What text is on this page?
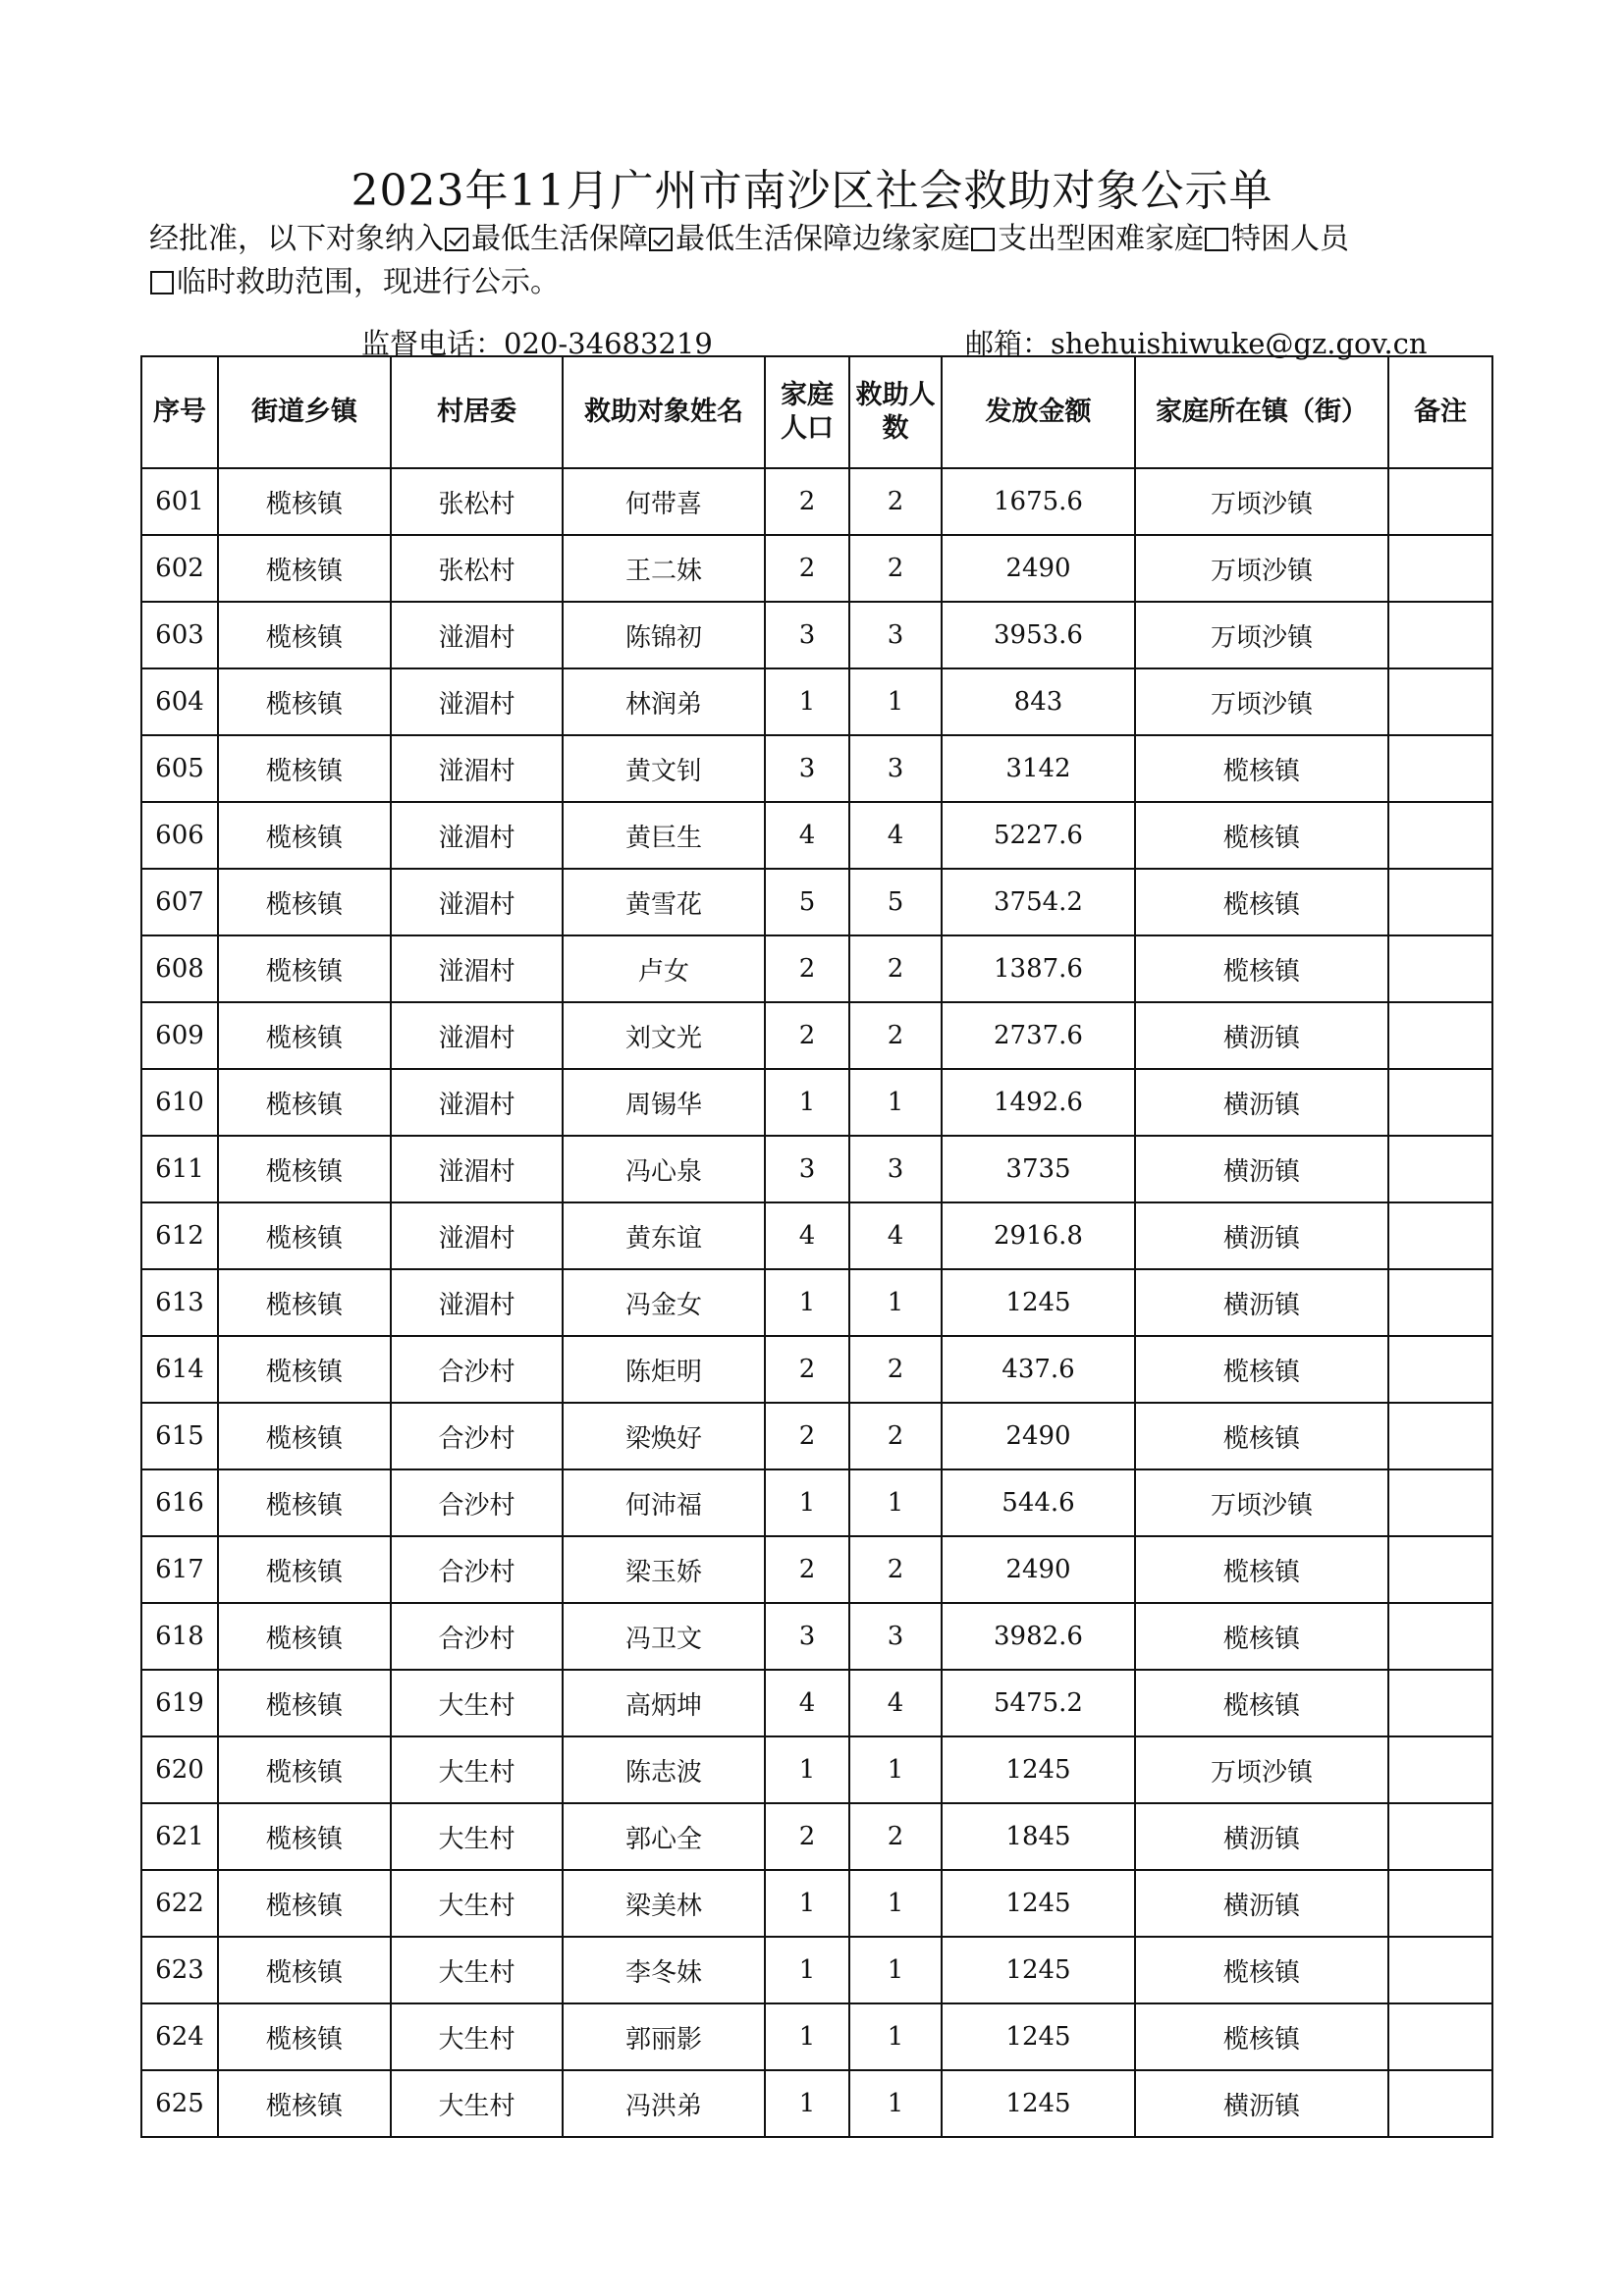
2023年11月广州市南沙区社会救助对象公示单
经批准，以下对象纳入 最低生活保障 最低生活保障边缘家庭 支出型困难家庭 特困人员
临时救助范围，现进行公示。
监督电话：020-34683219	邮箱：shehuishiwuke@gz.gov.cn
序号	街道乡镇	村居委	救助对象姓名	家庭人口	救助人数	发放金额	家庭所在镇（街）	备注
601	榄核镇	张松村	何带喜	2	2	1675.6	万顷沙镇	
602	榄核镇	张松村	王二妹	2	2	2490	万顷沙镇	
603	榄核镇	湴湄村	陈锦初	3	3	3953.6	万顷沙镇	
604	榄核镇	湴湄村	林润弟	1	1	843	万顷沙镇	
605	榄核镇	湴湄村	黄文钊	3	3	3142	榄核镇	
606	榄核镇	湴湄村	黄巨生	4	4	5227.6	榄核镇	
607	榄核镇	湴湄村	黄雪花	5	5	3754.2	榄核镇	
608	榄核镇	湴湄村	卢女	2	2	1387.6	榄核镇	
609	榄核镇	湴湄村	刘文光	2	2	2737.6	横沥镇	
610	榄核镇	湴湄村	周锡华	1	1	1492.6	横沥镇	
611	榄核镇	湴湄村	冯心泉	3	3	3735	横沥镇	
612	榄核镇	湴湄村	黄东谊	4	4	2916.8	横沥镇	
613	榄核镇	湴湄村	冯金女	1	1	1245	横沥镇	
614	榄核镇	合沙村	陈炬明	2	2	437.6	榄核镇	
615	榄核镇	合沙村	梁焕好	2	2	2490	榄核镇	
616	榄核镇	合沙村	何沛福	1	1	544.6	万顷沙镇	
617	榄核镇	合沙村	梁玉娇	2	2	2490	榄核镇	
618	榄核镇	合沙村	冯卫文	3	3	3982.6	榄核镇	
619	榄核镇	大生村	高炳坤	4	4	5475.2	榄核镇	
620	榄核镇	大生村	陈志波	1	1	1245	万顷沙镇	
621	榄核镇	大生村	郭心全	2	2	1845	横沥镇	
622	榄核镇	大生村	梁美林	1	1	1245	横沥镇	
623	榄核镇	大生村	李冬妹	1	1	1245	榄核镇	
624	榄核镇	大生村	郭丽影	1	1	1245	榄核镇	
625	榄核镇	大生村	冯洪弟	1	1	1245	横沥镇	
